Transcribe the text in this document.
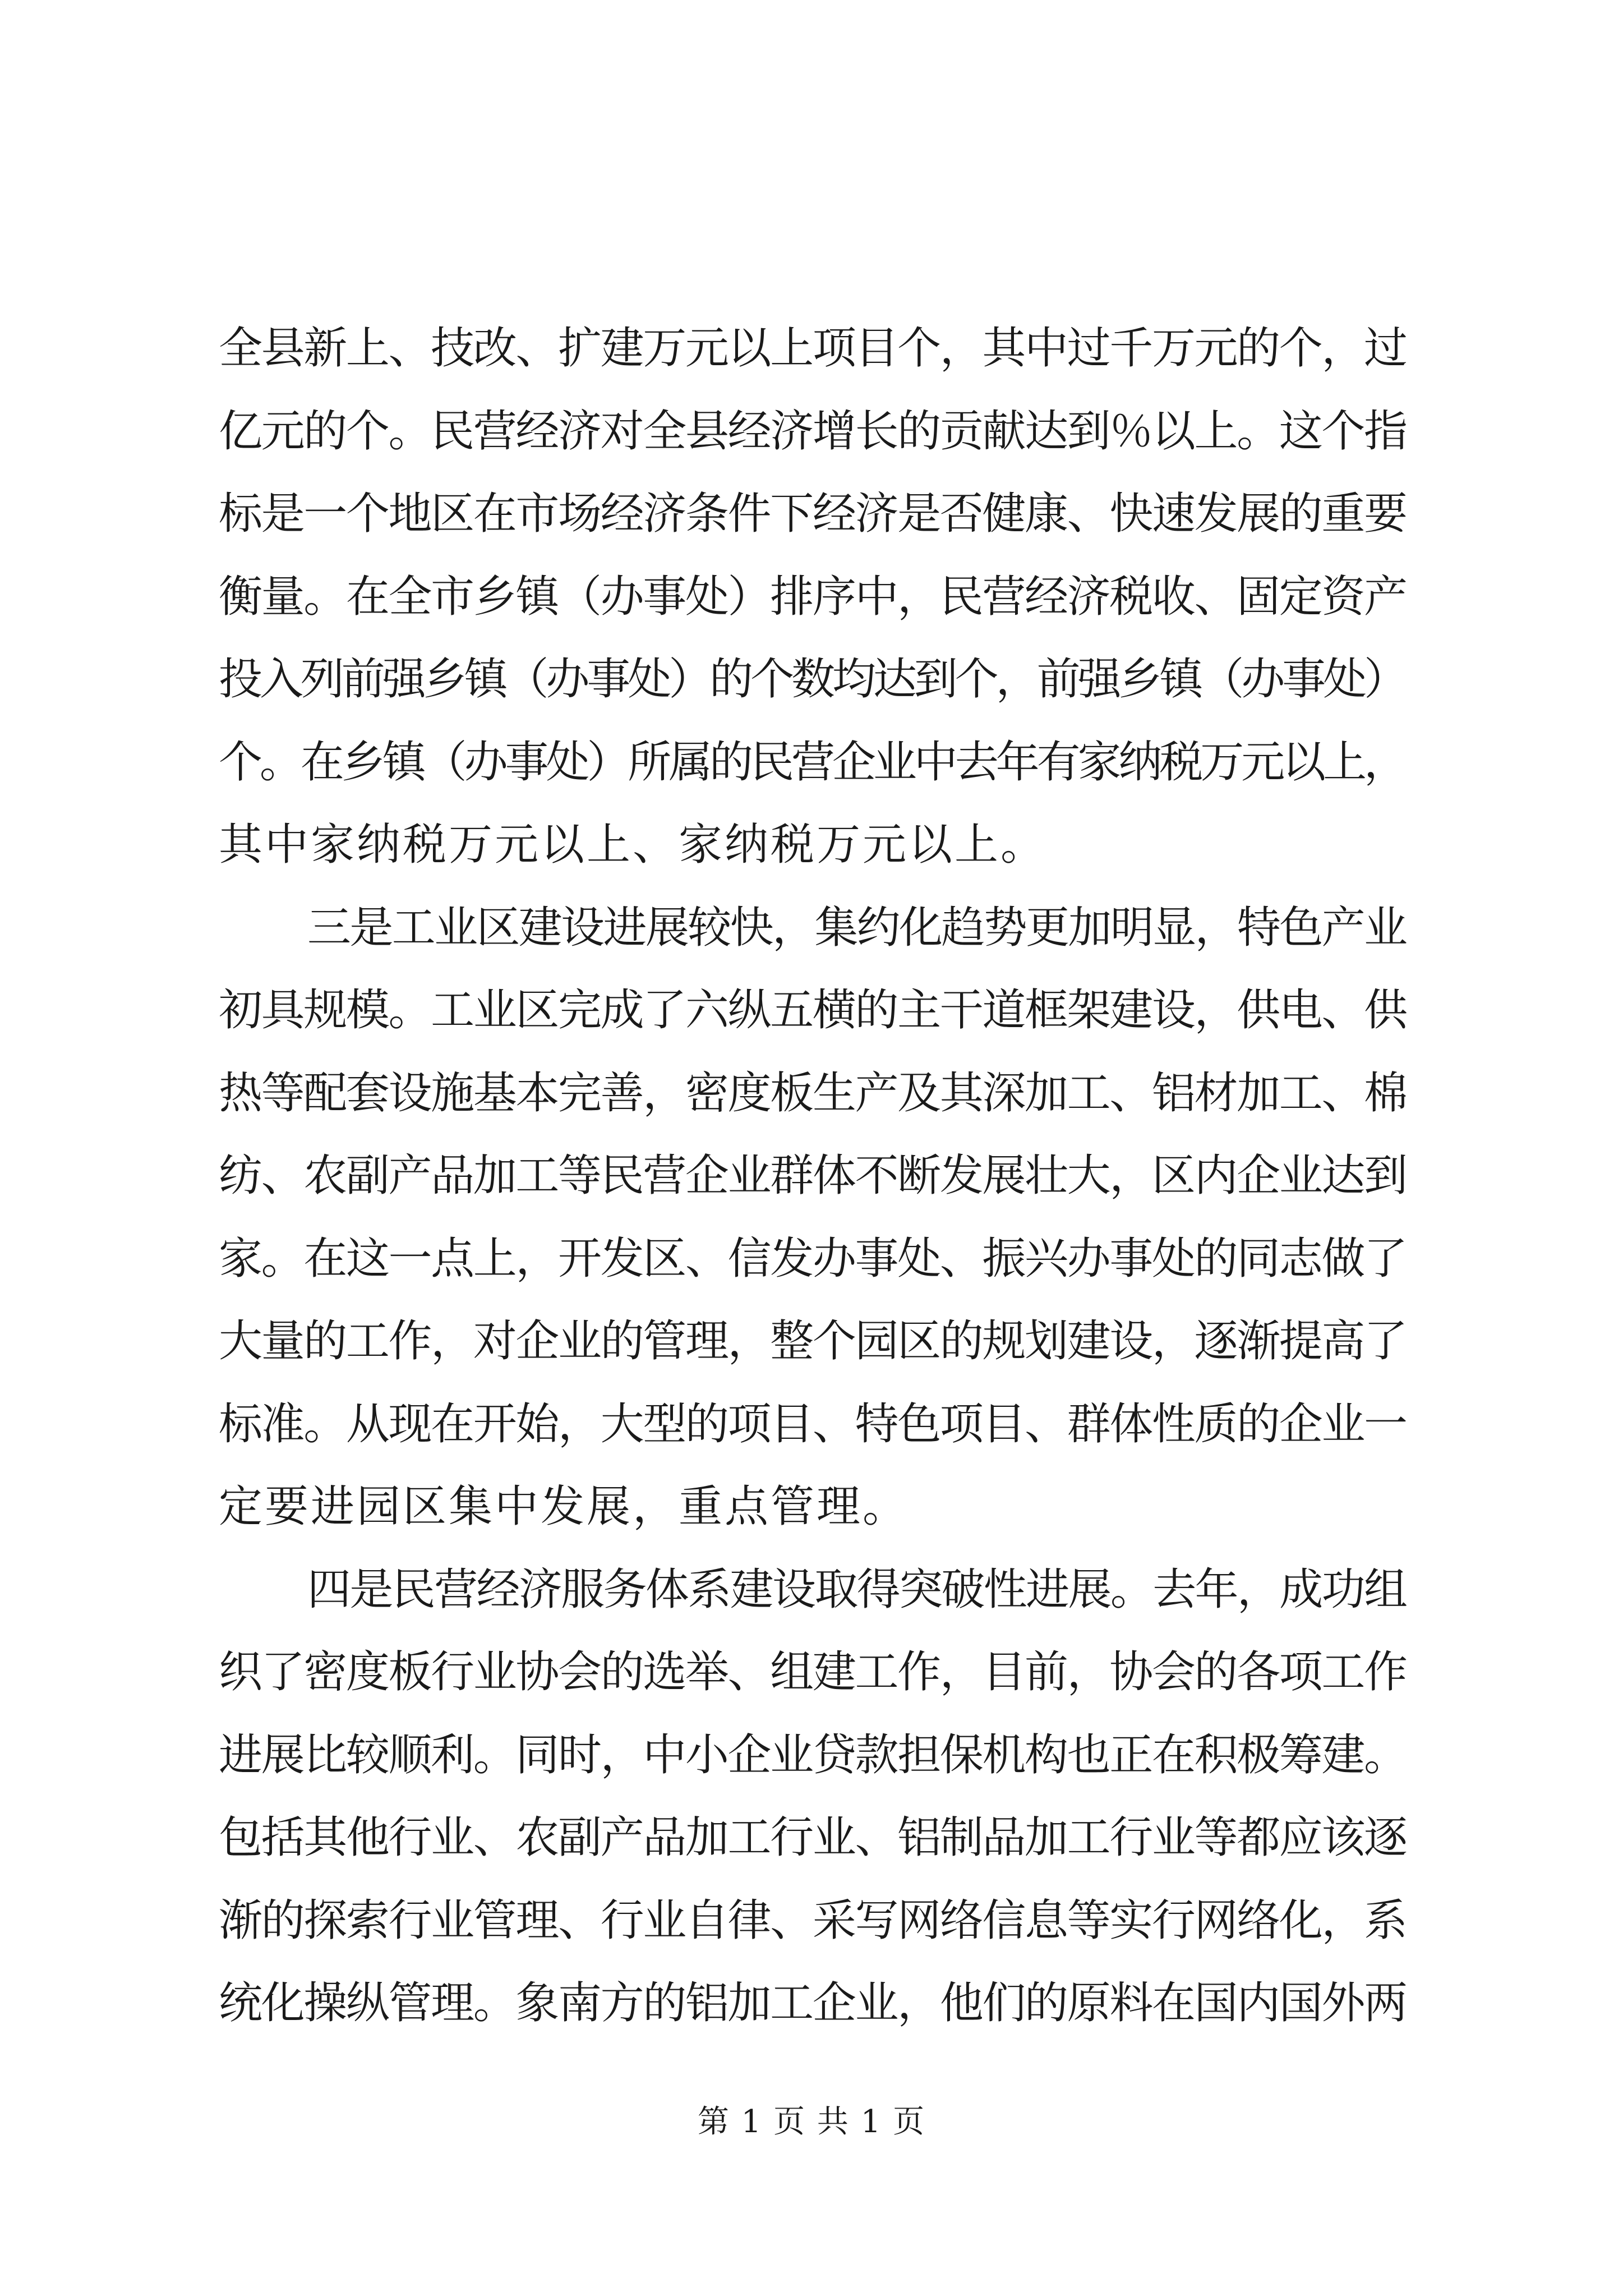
全县新上、技改、扩建万元以上项目个，其中过千万元的个，过
亿元的个。民营经济对全县经济增长的贡献达到％以上。这个指
标是一个地区在市场经济条件下经济是否健康、快速发展的重要
衡量。在全市乡镇（办事处）排序中，民营经济税收、固定资产
投入列前强乡镇（办事处）的个数均达到个，前强乡镇（办事处）
个。在乡镇（办事处）所属的民营企业中去年有家纳税万元以上，
其中家纳税万元以上、家纳税万元以上。
三是工业区建设进展较快，集约化趋势更加明显，特色产业
初具规模。工业区完成了六纵五横的主干道框架建设，供电、供
热等配套设施基本完善，密度板生产及其深加工、铝材加工、棉
纺、农副产品加工等民营企业群体不断发展壮大，区内企业达到
家。在这一点上，开发区、信发办事处、振兴办事处的同志做了
大量的工作，对企业的管理，整个园区的规划建设，逐渐提高了
标准。从现在开始，大型的项目、特色项目、群体性质的企业一
定要进园区集中发展，重点管理。
四是民营经济服务体系建设取得突破性进展。去年，成功组
织了密度板行业协会的选举、组建工作，目前，协会的各项工作
进展比较顺利。同时，中小企业贷款担保机构也正在积极筹建。
包括其他行业、农副产品加工行业、铝制品加工行业等都应该逐
渐的探索行业管理、行业自律、采写网络信息等实行网络化，系
统化操纵管理。象南方的铝加工企业，他们的原料在国内国外两
第 1 页 共 1 页
